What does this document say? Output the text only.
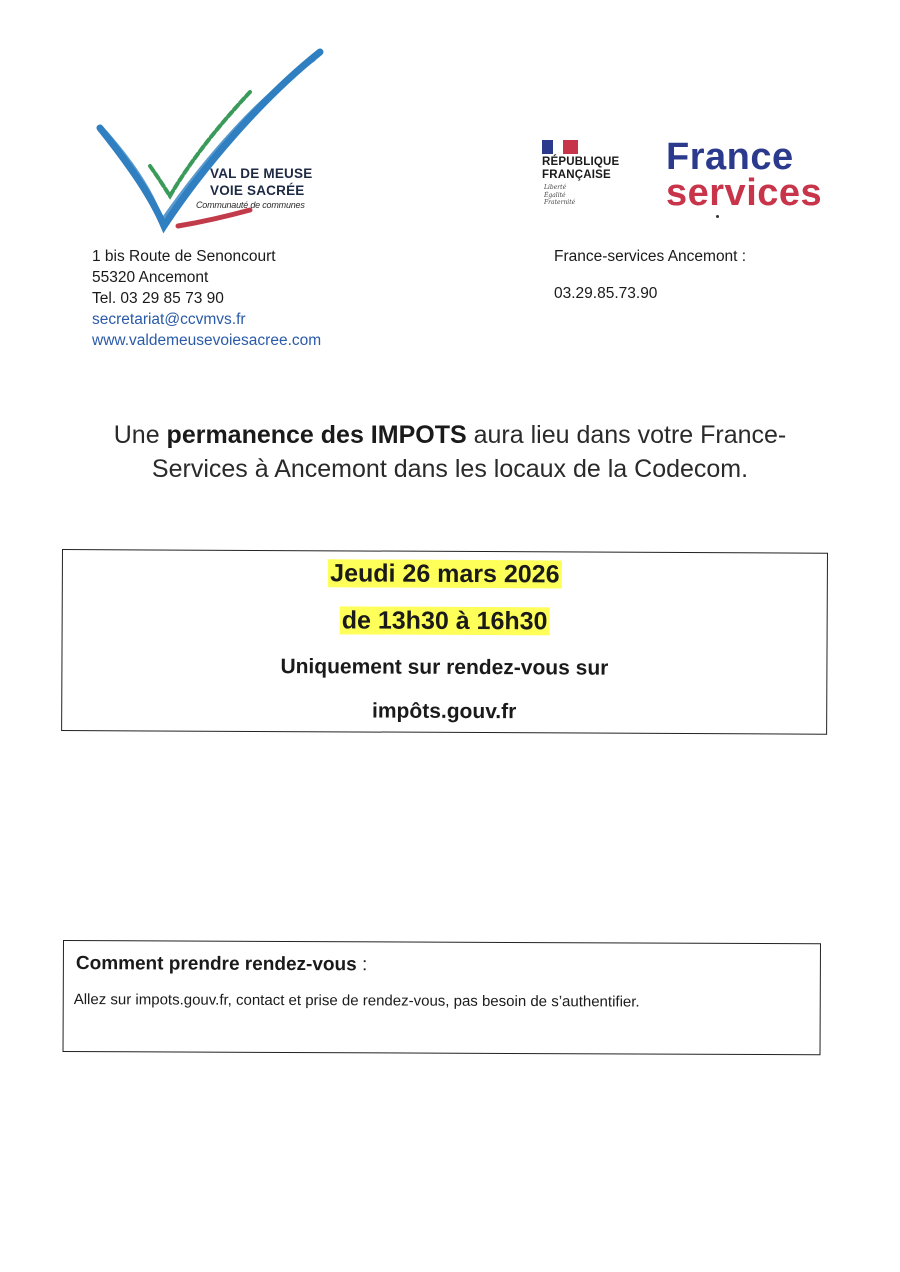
VAL DE MEUSE
VOIE SACRÉE
Communauté de communes
1 bis Route de Senoncourt
55320 Ancemont
Tel. 03 29 85 73 90
secretariat@ccvmvs.fr
www.valdemeusevoiesacree.com
RÉPUBLIQUE
FRANÇAISE
Liberté
Égalité
Fraternité
France
services
France-services Ancemont :
03.29.85.73.90
Une permanence des IMPOTS aura lieu dans votre France-
Services à Ancemont dans les locaux de la Codecom.
Jeudi 26 mars 2026
de 13h30 à 16h30
Uniquement sur rendez-vous sur
impôts.gouv.fr
Comment prendre rendez-vous :
Allez sur impots.gouv.fr, contact et prise de rendez-vous, pas besoin de s’authentifier.
